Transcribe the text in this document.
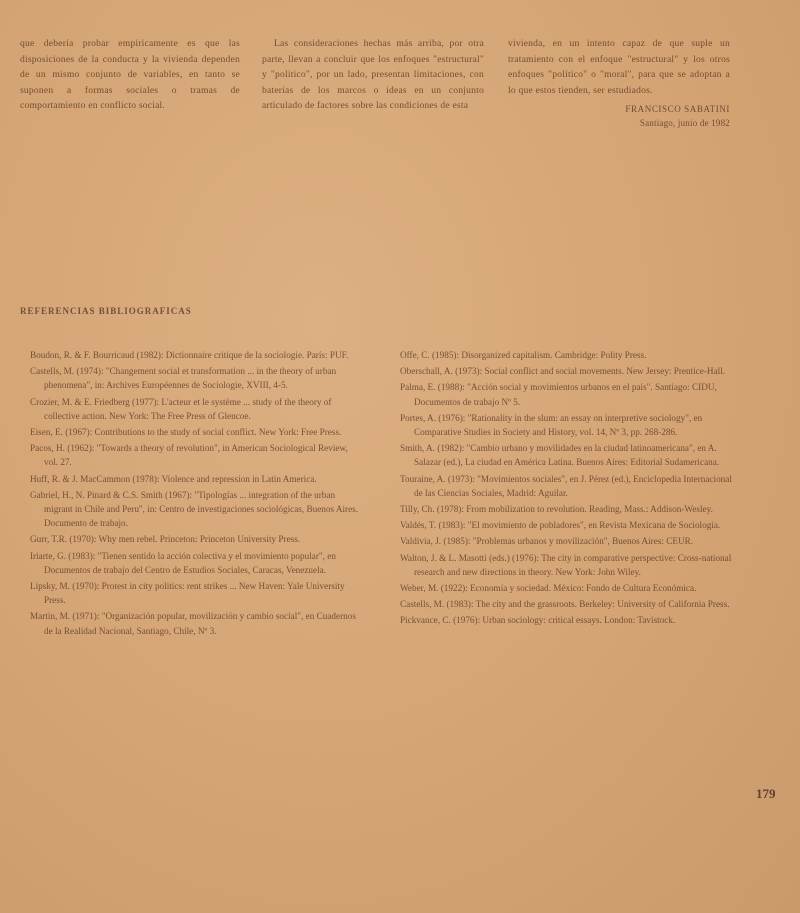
que debería probar empíricamente es que las disposiciones de la conducta y la vivienda dependen de un mismo conjunto de variables, en tanto se suponen a formas sociales o tramas de comportamiento en conflicto social.

Las consideraciones hechas más arriba, por otra parte, llevan a concluir que los enfoques "estructural" y "político", por un lado, presentan limitaciones, con baterías de los marcos o ideas en un conjunto articulado de factores sobre las condiciones de esta

vivienda, en un intento capaz de que suple un tratamiento con el enfoque "estructural" y los otros enfoques "político" o "moral", para que se adoptan a lo que estos tienden, ser estudiados.

FRANCISCO SABATINI
Santiago, junio de 1982
REFERENCIAS BIBLIOGRAFICAS
Boudon, R. & F. Bourricaud (1982): Dictionnaire critique de la sociologie. París: PUF.
Castells, M. (1974): "Changement social et transformation ... in the theory of urban phenomena", in: Archives Européennes de Sociologie, XVIII, 4-5.
Crozier, M. & E. Friedberg (1977): L'acteur et le système ... study of the theory of collective action. New York: The Free Press of Glencoe.
Eisen, E. (1967): Contributions to the study of social conflict. New York: Free Press.
Pacos, H. (1962): "Towards a theory of revolution", in American Sociological Review, vol. 27.
Huff, R. & J. MacCammon (1978): Violence and repression in Latin America.
Gabriel, H., N. Pinard & C.S. Smith (1967): "Tipologías ... integration of the urban migrant in Chile and Peru", in: Centro de investigaciones sociológicas, Buenos Aires. Documento de trabajo.
Gurr, T.R. (1970): Why men rebel. Princeton: Princeton University Press.
Iriarte, G. (1983): "Tienen sentido la acción colectiva y el movimiento popular", en Documentos de trabajo del Centro de Estudios Sociales, Caracas, Venezuela.
Lipsky, M. (1970): Protest in city politics: rent strikes ... New Haven: Yale University Press.
Martin, M. (1971): "Organización popular, movilización y cambio social", en Cuadernos de la Realidad Nacional, Santiago, Chile, Nº 3.
Offe, C. (1985): Disorganized capitalism. Cambridge: Polity Press.
Oberschall, A. (1973): Social conflict and social movements. New Jersey: Prentice-Hall.
Palma, E. (1988): "Acción social y movimientos urbanos en el país". Santiago: CIDU, Documentos de trabajo Nº 5.
Portes, A. (1976): "Rationality in the slum: an essay on interpretive sociology", en Comparative Studies in Society and History, vol. 14, Nº 3, pp. 268-286.
Smith, A. (1982): "Cambio urbano y movilidades en la ciudad latinoamericana", en A. Salazar (ed.), La ciudad en América Latina. Buenos Aires: Editorial Sudamericana.
Touraine, A. (1973): "Movimientos sociales", en J. Pérez (ed.), Enciclopedia Internacional de las Ciencias Sociales, Madrid: Aguilar.
Tilly, Ch. (1978): From mobilization to revolution. Reading, Mass.: Addison-Wesley.
Valdés, T. (1983): "El movimiento de pobladores", en Revista Mexicana de Sociología.
Valdivia, J. (1985): "Problemas urbanos y movilización", Buenos Aires: CEUR.
Walton, J. & L. Masotti (eds.) (1976): The city in comparative perspective: Cross-national research and new directions in theory. New York: John Wiley.
Weber, M. (1922): Economía y sociedad. México: Fondo de Cultura Económica.
Castells, M. (1983): The city and the grassroots. Berkeley: University of California Press.
Pickvance, C. (1976): Urban sociology: critical essays. London: Tavistock.
179
